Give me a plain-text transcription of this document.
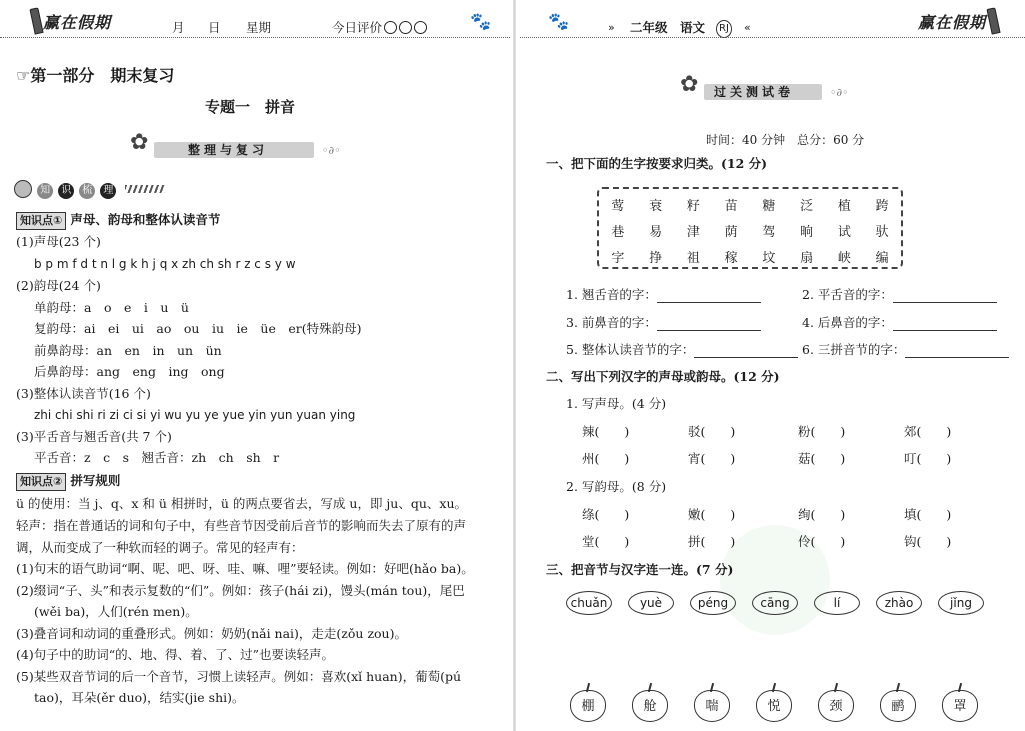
赢在假期	月 日 星期	今日评价	🐾
☞第一部分　期末复习
专题一　拼音
✿	整理与复习	◦∂◦
知 识 梳 理
知识点① 声母、韵母和整体认读音节
(1)声母(23 个)
b p m f d t n l g k h j q x zh ch sh r z c s y w
(2)韵母(24 个)
单韵母：a　o　e　i　u　ü
复韵母：ai　ei　ui　ao　ou　iu　ie　üe　er(特殊韵母)
前鼻韵母：an　en　in　un　ün
后鼻韵母：ang　eng　ing　ong
(3)整体认读音节(16 个)
zhi chi shi ri zi ci si yi wu yu ye yue yin yun yuan ying
(3)平舌音与翘舌音(共 7 个)
平舌音：z　c　s　翘舌音：zh　ch　sh　r
知识点② 拼写规则
ü 的使用：当 j、q、x 和 ü 相拼时，ü 的两点要省去，写成 u，即 ju、qu、xu。
轻声：指在普通话的词和句子中，有些音节因受前后音节的影响而失去了原有的声
调，从而变成了一种软而轻的调子。常见的轻声有：
(1)句末的语气助词“啊、呢、吧、呀、哇、嘛、哩”要轻读。例如：好吧(hǎo ba)。
(2)缀词“子、头”和表示复数的“们”。例如：孩子(hái zi)，馒头(mán tou)，尾巴
(wěi ba)，人们(rén men)。
(3)叠音词和动词的重叠形式。例如：奶奶(nǎi nai)，走走(zǒu zou)。
(4)句子中的助词“的、地、得、着、了、过”也要读轻声。
(5)某些双音节词的后一个音节，习惯上读轻声。例如：喜欢(xǐ huan)，葡萄(pú
tao)，耳朵(ěr duo)，结实(jie shi)。
🐾	» 二年级 语文	RJ «	赢在假期
✿ 过关测试卷	◦∂◦
时间：40 分钟　总分：60 分
一、把下面的生字按要求归类。(12 分)
莺 衰 籽 苗 糖 泛 植 跨
巷 易 津 荫 驾 晌 试 驮
字 挣 祖 稼 坟 扇 峡 编
1. 翘舌音的字：	2. 平舌音的字：
3. 前鼻音的字：	4. 后鼻音的字：
5. 整体认读音节的字：	6. 三拼音节的字：
二、写出下列汉字的声母或韵母。(12 分)
1. 写声母。(4 分)
辣(　　)	驳(　　)	粉(　　)	郊(　　)
州(　　)	宵(　　)	菇(　　)	叮(　　)
2. 写韵母。(8 分)
绦(　　)	嫩(　　)	绚(　　)	填(　　)
堂(　　)	拼(　　)	伶(　　)	钩(　　)
三、把音节与汉字连一连。(7 分)
chuǎn	yuè	péng	cāng	lí	zhào	jǐng
棚	舱	喘	悦	颈	鹂	罩
